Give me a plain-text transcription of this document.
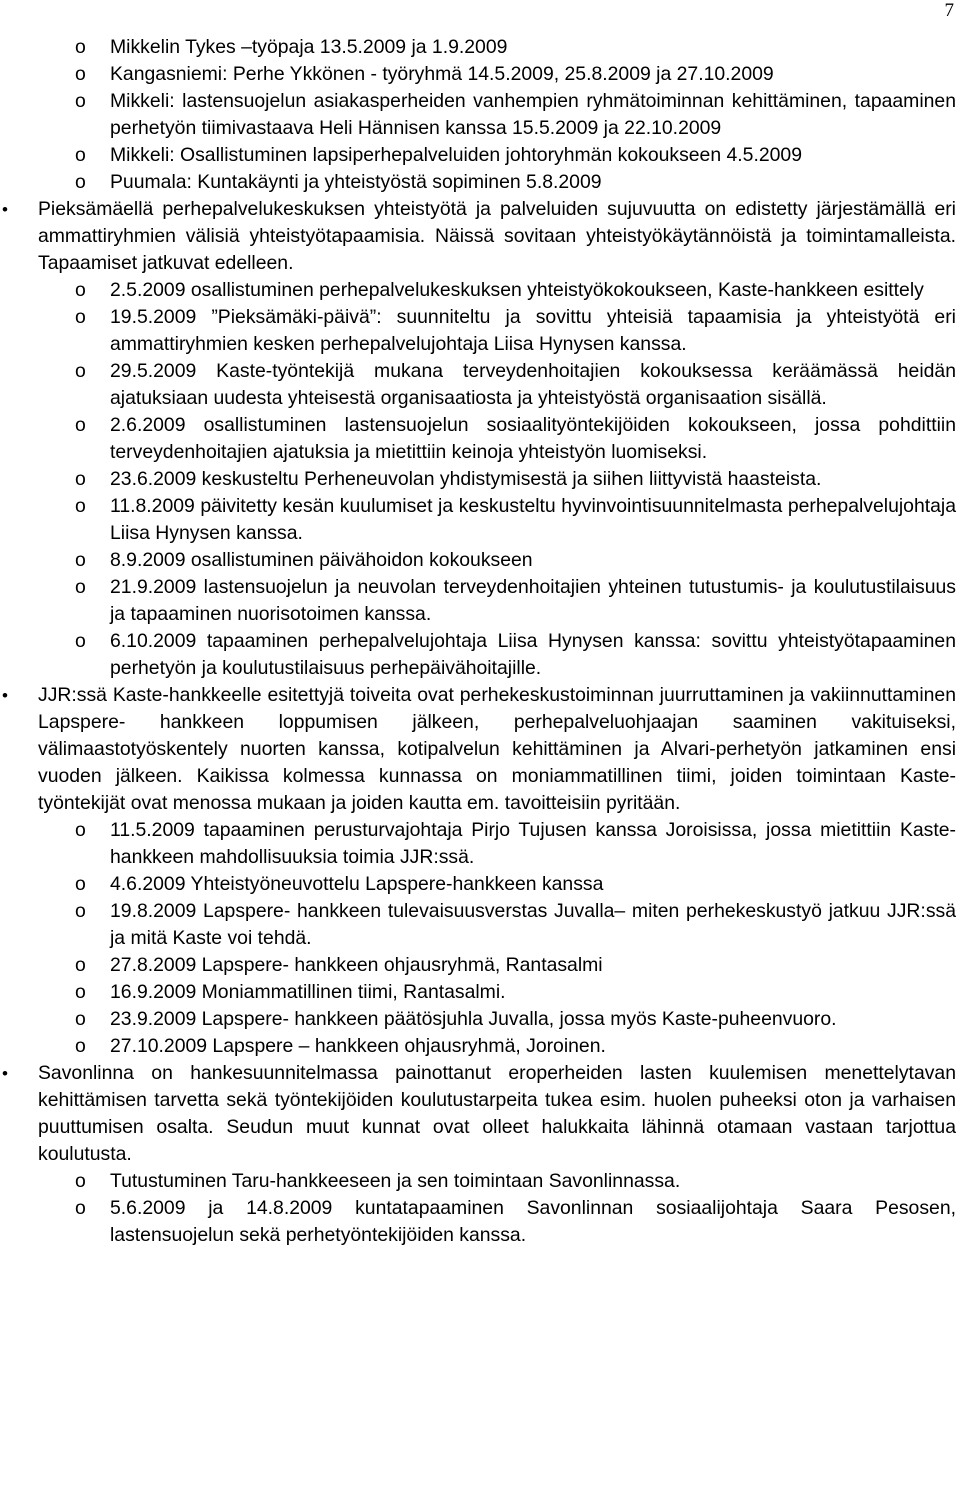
7
o Mikkelin Tykes –työpaja 13.5.2009 ja 1.9.2009
o Kangasniemi: Perhe Ykkönen - työryhmä 14.5.2009, 25.8.2009 ja 27.10.2009
o Mikkeli: lastensuojelun asiakasperheiden vanhempien ryhmätoiminnan kehittäminen, tapaaminen perhetyön tiimivastaava Heli Hännisen kanssa 15.5.2009 ja 22.10.2009
o Mikkeli: Osallistuminen lapsiperhepalveluiden johtoryhmän kokoukseen 4.5.2009
o Puumala: Kuntakäynti ja yhteistyöstä sopiminen 5.8.2009
• Pieksämäellä perhepalvelukeskuksen yhteistyötä ja palveluiden sujuvuutta on edistetty järjestämällä eri ammattiryhmien välisiä yhteistyötapaamisia. Näissä sovitaan yhteistyökäytännöistä ja toimintamalleista. Tapaamiset jatkuvat edelleen.
o 2.5.2009 osallistuminen perhepalvelukeskuksen yhteistyökokoukseen, Kaste-hankkeen esittely
o 19.5.2009 ”Pieksämäki-päivä”: suunniteltu ja sovittu yhteisiä tapaamisia ja yhteistyötä eri ammattiryhmien kesken perhepalvelujohtaja Liisa Hynysen kanssa.
o 29.5.2009 Kaste-työntekijä mukana terveydenhoitajien kokouksessa keräämässä heidän ajatuksiaan uudesta yhteisestä organisaatiosta ja yhteistyöstä organisaation sisällä.
o 2.6.2009 osallistuminen lastensuojelun sosiaalityöntekijöiden kokoukseen, jossa pohdittiin terveydenhoitajien ajatuksia ja mietittiin keinoja yhteistyön luomiseksi.
o 23.6.2009 keskusteltu Perheneuvolan yhdistymisestä ja siihen liittyvistä haasteista.
o 11.8.2009 päivitetty kesän kuulumiset ja keskusteltu hyvinvointisuunnitelmasta perhepalvelujohtaja Liisa Hynysen kanssa.
o 8.9.2009 osallistuminen päivähoidon kokoukseen
o 21.9.2009 lastensuojelun ja neuvolan terveydenhoitajien yhteinen tutustumis- ja koulutustilaisuus ja tapaaminen nuorisotoimen kanssa.
o 6.10.2009 tapaaminen perhepalvelujohtaja Liisa Hynysen kanssa: sovittu yhteistyötapaaminen perhetyön ja koulutustilaisuus perhepäivähoitajille.
• JJR:ssä Kaste-hankkeelle esitettyjä toiveita ovat perhekeskustoiminnan juurruttaminen ja vakiinnuttaminen Lapspere- hankkeen loppumisen jälkeen, perhepalveluohjaajan saaminen vakituiseksi, välimaastotyöskentely nuorten kanssa, kotipalvelun kehittäminen ja Alvari-perhetyön jatkaminen ensi vuoden jälkeen. Kaikissa kolmessa kunnassa on moniammatillinen tiimi, joiden toimintaan Kaste-työntekijät ovat menossa mukaan ja joiden kautta em. tavoitteisiin pyritään.
o 11.5.2009 tapaaminen perusturvajohtaja Pirjo Tujusen kanssa Joroisissa, jossa mietittiin Kaste-hankkeen mahdollisuuksia toimia JJR:ssä.
o 4.6.2009 Yhteistyöneuvottelu Lapspere-hankkeen kanssa
o 19.8.2009 Lapspere- hankkeen tulevaisuusverstas Juvalla– miten perhekeskustyö jatkuu JJR:ssä ja mitä Kaste voi tehdä.
o 27.8.2009 Lapspere- hankkeen ohjausryhmä, Rantasalmi
o 16.9.2009 Moniammatillinen tiimi, Rantasalmi.
o 23.9.2009 Lapspere- hankkeen päätösjuhla Juvalla, jossa myös Kaste-puheenvuoro.
o 27.10.2009 Lapspere – hankkeen ohjausryhmä, Joroinen.
• Savonlinna on hankesuunnitelmassa painottanut eroperheiden lasten kuulemisen menettelytavan kehittämisen tarvetta sekä työntekijöiden koulutustarpeita tukea esim. huolen puheeksi oton ja varhaisen puuttumisen osalta. Seudun muut kunnat ovat olleet halukkaita lähinnä otamaan vastaan tarjottua koulutusta.
o Tutustuminen Taru-hankkeeseen ja sen toimintaan Savonlinnassa.
o 5.6.2009 ja 14.8.2009 kuntatapaaminen Savonlinnan sosiaalijohtaja Saara Pesosen, lastensuojelun sekä perhetyöntekijöiden kanssa.
